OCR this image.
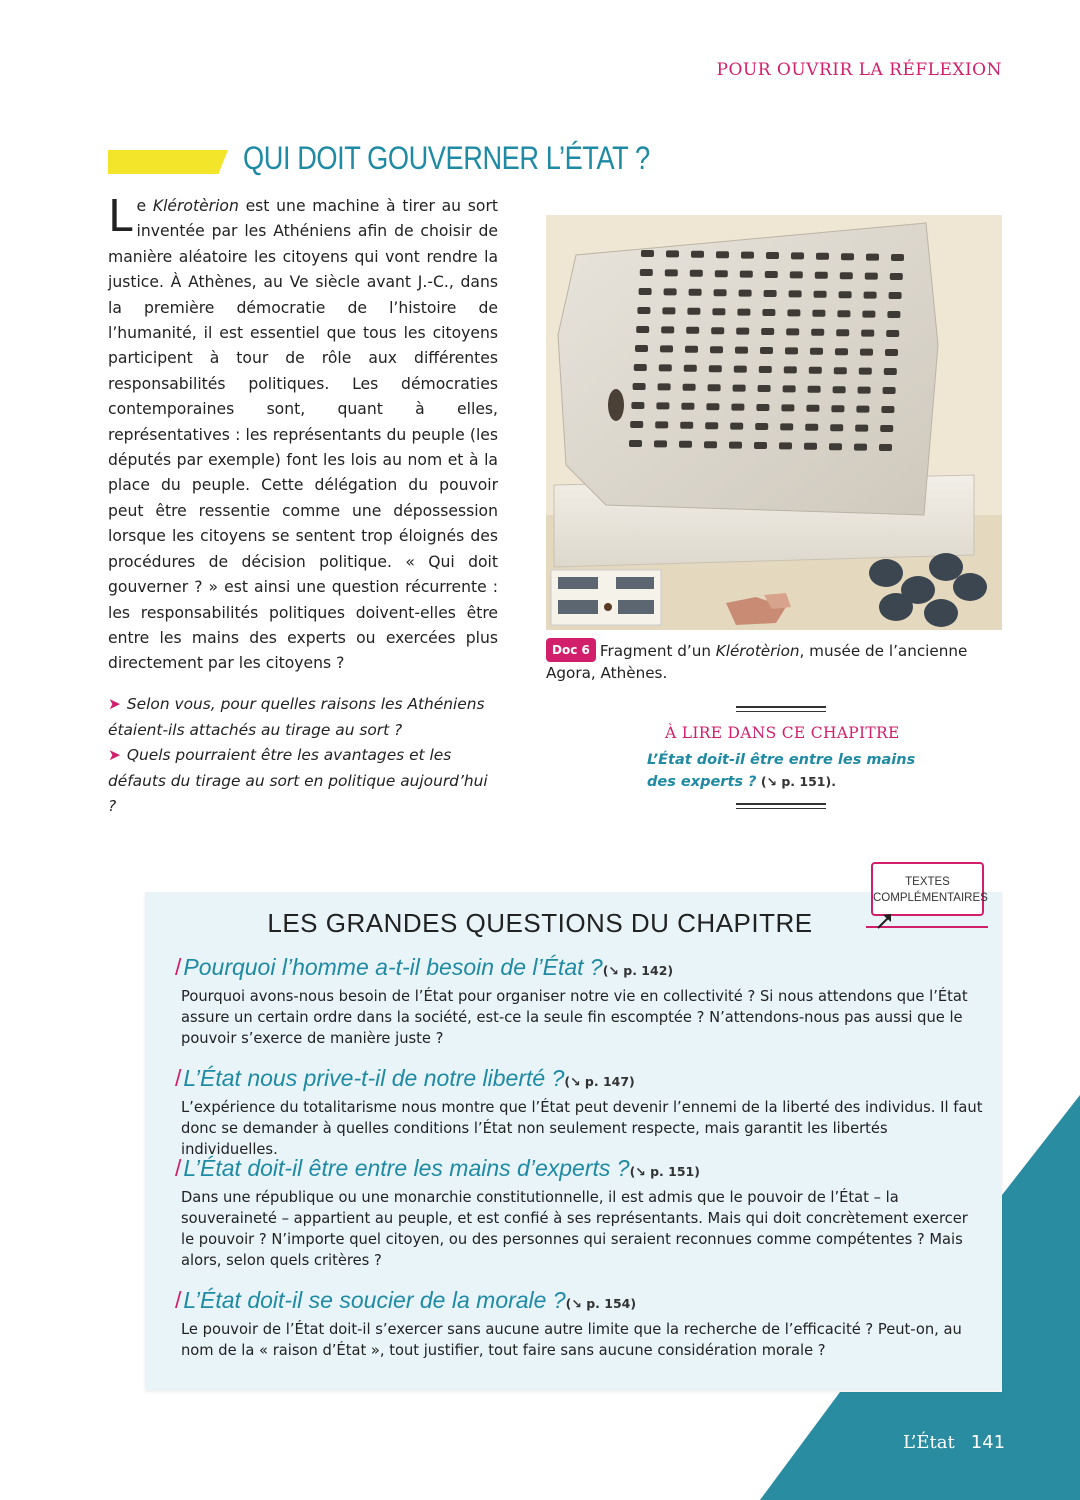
POUR OUVRIR LA RÉFLEXION
QUI DOIT GOUVERNER L’ÉTAT ?
Le Klérotèrion est une machine à tirer au sort inventée par les Athéniens afin de choisir de manière aléatoire les citoyens qui vont rendre la justice. À Athènes, au Ve siècle avant J.-C., dans la première démocratie de l’histoire de l’humanité, il est essentiel que tous les citoyens participent à tour de rôle aux différentes responsabilités politiques. Les démocraties contemporaines sont, quant à elles, représentatives : les représentants du peuple (les députés par exemple) font les lois au nom et à la place du peuple. Cette délégation du pouvoir peut être ressentie comme une dépossession lorsque les citoyens se sentent trop éloignés des procédures de décision politique. « Qui doit gouverner ? » est ainsi une question récurrente : les responsabilités politiques doivent-elles être entre les mains des experts ou exercées plus directement par les citoyens ?
➤ Selon vous, pour quelles raisons les Athéniens étaient-ils attachés au tirage au sort ?
➤ Quels pourraient être les avantages et les défauts du tirage au sort en politique aujourd’hui ?
Doc 6 Fragment d’un Klérotèrion, musée de l’ancienne Agora, Athènes.
À LIRE DANS CE CHAPITRE
L’État doit-il être entre les mains des experts ? (↘ p. 151).
LES GRANDES QUESTIONS DU CHAPITRE
TEXTES
COMPLÉMENTAIRES
/Pourquoi l’homme a-t-il besoin de l’État ?(↘ p. 142)
Pourquoi avons-nous besoin de l’État pour organiser notre vie en collectivité ? Si nous attendons que l’État assure un certain ordre dans la société, est-ce la seule fin escomptée ? N’attendons-nous pas aussi que le pouvoir s’exerce de manière juste ?
/L’État nous prive-t-il de notre liberté ?(↘ p. 147)
L’expérience du totalitarisme nous montre que l’État peut devenir l’ennemi de la liberté des individus. Il faut donc se demander à quelles conditions l’État non seulement respecte, mais garantit les libertés individuelles.
/L’État doit-il être entre les mains d’experts ?(↘ p. 151)
Dans une république ou une monarchie constitutionnelle, il est admis que le pouvoir de l’État – la souveraineté – appartient au peuple, et est confié à ses représentants. Mais qui doit concrètement exercer le pouvoir ? N’importe quel citoyen, ou des personnes qui seraient reconnues comme compétentes ? Mais alors, selon quels critères ?
/L’État doit-il se soucier de la morale ?(↘ p. 154)
Le pouvoir de l’État doit-il s’exercer sans aucune autre limite que la recherche de l’efficacité ? Peut-on, au nom de la « raison d’État », tout justifier, tout faire sans aucune considération morale ?
L’État 141
